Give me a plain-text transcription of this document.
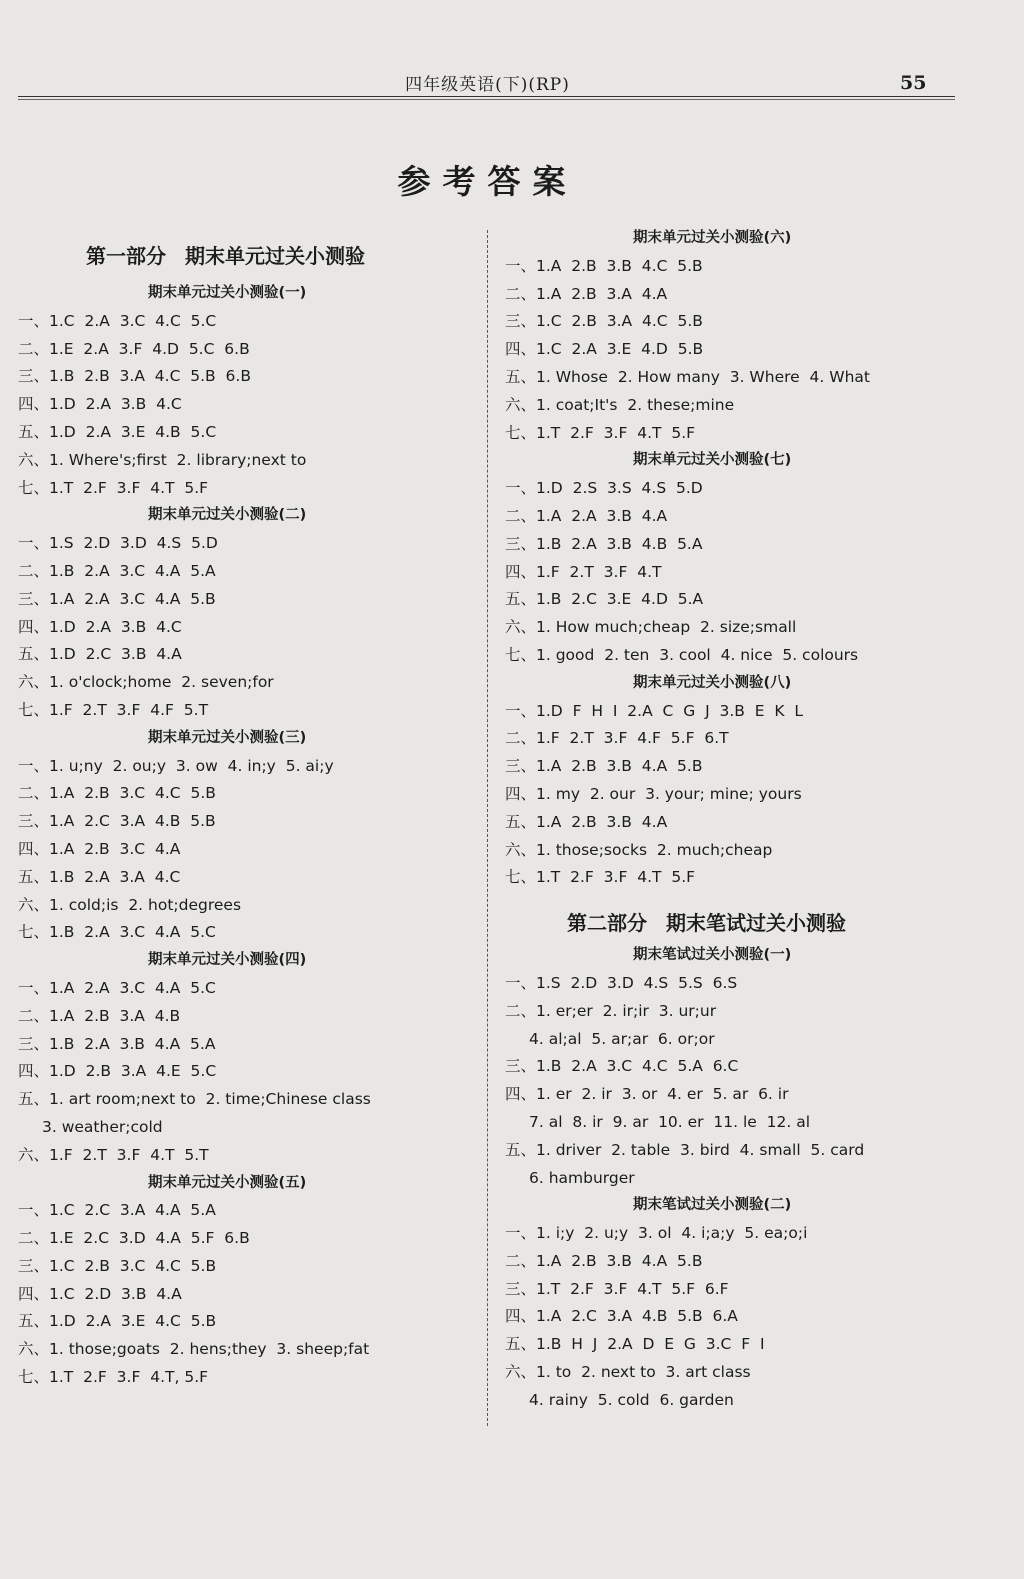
四年级英语(下)(RP)	55
参考答案
第一部分 期末单元过关小测验
期末单元过关小测验(一)
一、1.C  2.A  3.C  4.C  5.C
二、1.E  2.A  3.F  4.D  5.C  6.B
三、1.B  2.B  3.A  4.C  5.B  6.B
四、1.D  2.A  3.B  4.C
五、1.D  2.A  3.E  4.B  5.C
六、1. Where's;first  2. library;next to
七、1.T  2.F  3.F  4.T  5.F
期末单元过关小测验(二)
一、1.S  2.D  3.D  4.S  5.D
二、1.B  2.A  3.C  4.A  5.A
三、1.A  2.A  3.C  4.A  5.B
四、1.D  2.A  3.B  4.C
五、1.D  2.C  3.B  4.A
六、1. o'clock;home  2. seven;for
七、1.F  2.T  3.F  4.F  5.T
期末单元过关小测验(三)
一、1. u;ny  2. ou;y  3. ow  4. in;y  5. ai;y
二、1.A  2.B  3.C  4.C  5.B
三、1.A  2.C  3.A  4.B  5.B
四、1.A  2.B  3.C  4.A
五、1.B  2.A  3.A  4.C
六、1. cold;is  2. hot;degrees
七、1.B  2.A  3.C  4.A  5.C
期末单元过关小测验(四)
一、1.A  2.A  3.C  4.A  5.C
二、1.A  2.B  3.A  4.B
三、1.B  2.A  3.B  4.A  5.A
四、1.D  2.B  3.A  4.E  5.C
五、1. art room;next to  2. time;Chinese class
3. weather;cold
六、1.F  2.T  3.F  4.T  5.T
期末单元过关小测验(五)
一、1.C  2.C  3.A  4.A  5.A
二、1.E  2.C  3.D  4.A  5.F  6.B
三、1.C  2.B  3.C  4.C  5.B
四、1.C  2.D  3.B  4.A
五、1.D  2.A  3.E  4.C  5.B
六、1. those;goats  2. hens;they  3. sheep;fat
七、1.T  2.F  3.F  4.T, 5.F
期末单元过关小测验(六)
一、1.A  2.B  3.B  4.C  5.B
二、1.A  2.B  3.A  4.A
三、1.C  2.B  3.A  4.C  5.B
四、1.C  2.A  3.E  4.D  5.B
五、1. Whose  2. How many  3. Where  4. What
六、1. coat;It's  2. these;mine
七、1.T  2.F  3.F  4.T  5.F
期末单元过关小测验(七)
一、1.D  2.S  3.S  4.S  5.D
二、1.A  2.A  3.B  4.A
三、1.B  2.A  3.B  4.B  5.A
四、1.F  2.T  3.F  4.T
五、1.B  2.C  3.E  4.D  5.A
六、1. How much;cheap  2. size;small
七、1. good  2. ten  3. cool  4. nice  5. colours
期末单元过关小测验(八)
一、1.D  F  H  I  2.A  C  G  J  3.B  E  K  L
二、1.F  2.T  3.F  4.F  5.F  6.T
三、1.A  2.B  3.B  4.A  5.B
四、1. my  2. our  3. your; mine; yours
五、1.A  2.B  3.B  4.A
六、1. those;socks  2. much;cheap
七、1.T  2.F  3.F  4.T  5.F
第二部分 期末笔试过关小测验
期末笔试过关小测验(一)
一、1.S  2.D  3.D  4.S  5.S  6.S
二、1. er;er  2. ir;ir  3. ur;ur
4. al;al  5. ar;ar  6. or;or
三、1.B  2.A  3.C  4.C  5.A  6.C
四、1. er  2. ir  3. or  4. er  5. ar  6. ir
7. al  8. ir  9. ar  10. er  11. le  12. al
五、1. driver  2. table  3. bird  4. small  5. card
6. hamburger
期末笔试过关小测验(二)
一、1. i;y  2. u;y  3. ol  4. i;a;y  5. ea;o;i
二、1.A  2.B  3.B  4.A  5.B
三、1.T  2.F  3.F  4.T  5.F  6.F
四、1.A  2.C  3.A  4.B  5.B  6.A
五、1.B  H  J  2.A  D  E  G  3.C  F  I
六、1. to  2. next to  3. art class
4. rainy  5. cold  6. garden
